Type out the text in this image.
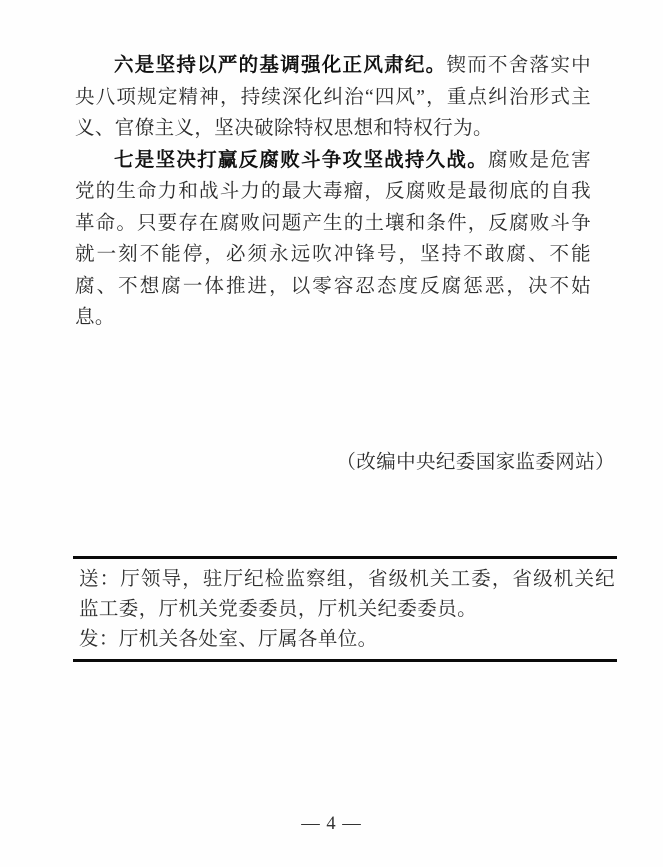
六是坚持以严的基调强化正风肃纪。锲而不舍落实中央八项规定精神，持续深化纠治“四风”，重点纠治形式主义、官僚主义，坚决破除特权思想和特权行为。

七是坚决打赢反腐败斗争攻坚战持久战。腐败是危害党的生命力和战斗力的最大毒瘤，反腐败是最彻底的自我革命。只要存在腐败问题产生的土壤和条件，反腐败斗争就一刻不能停，必须永远吹冲锋号，坚持不敢腐、不能腐、不想腐一体推进，以零容忍态度反腐惩恶，决不姑息。

（改编中央纪委国家监委网站）

送：厅领导，驻厅纪检监察组，省级机关工委，省级机关纪监工委，厅机关党委委员，厅机关纪委委员。

发：厅机关各处室、厅属各单位。

— 4 —
